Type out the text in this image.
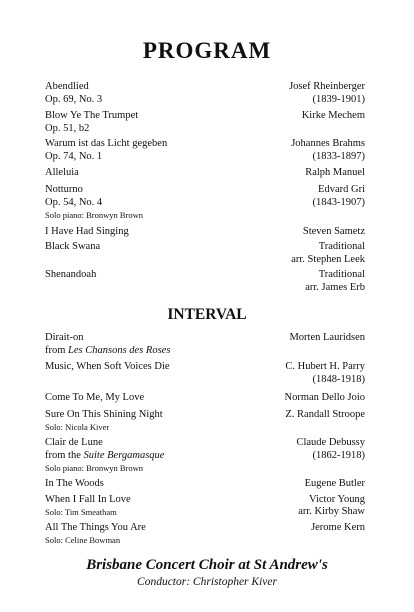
PROGRAM
Abendlied	Josef Rheinberger
Op. 69, No. 3	(1839-1901)
Blow Ye The Trumpet	Kirke Mechem
Op. 51, b2
Warum ist das Licht gegeben	Johannes Brahms
Op. 74, No. 1	(1833-1897)
Alleluia	Ralph Manuel
Notturno	Edvard Gri
Op. 54, No. 4	(1843-1907)
Solo piano: Bronwyn Brown
I Have Had Singing	Steven Sametz
Black Swana	Traditional
arr. Stephen Leek
Shenandoah	Traditional
arr. James Erb
INTERVAL
Dirait-on	Morten Lauridsen
from Les Chansons des Roses
Music, When Soft Voices Die	C. Hubert H. Parry
(1848-1918)
Come To Me, My Love	Norman Dello Joio
Sure On This Shining Night	Z. Randall Stroope
Solo: Nicola Kiver
Clair de Lune	Claude Debussy
from the Suite Bergamasque	(1862-1918)
Solo piano: Bronwyn Brown
In The Woods	Eugene Butler
When I Fall In Love	Victor Young
Solo: Tim Smeatham	arr. Kirby Shaw
All The Things You Are	Jerome Kern
Solo: Celine Bowman
Brisbane Concert Choir at St Andrew's
Conductor: Christopher Kiver
